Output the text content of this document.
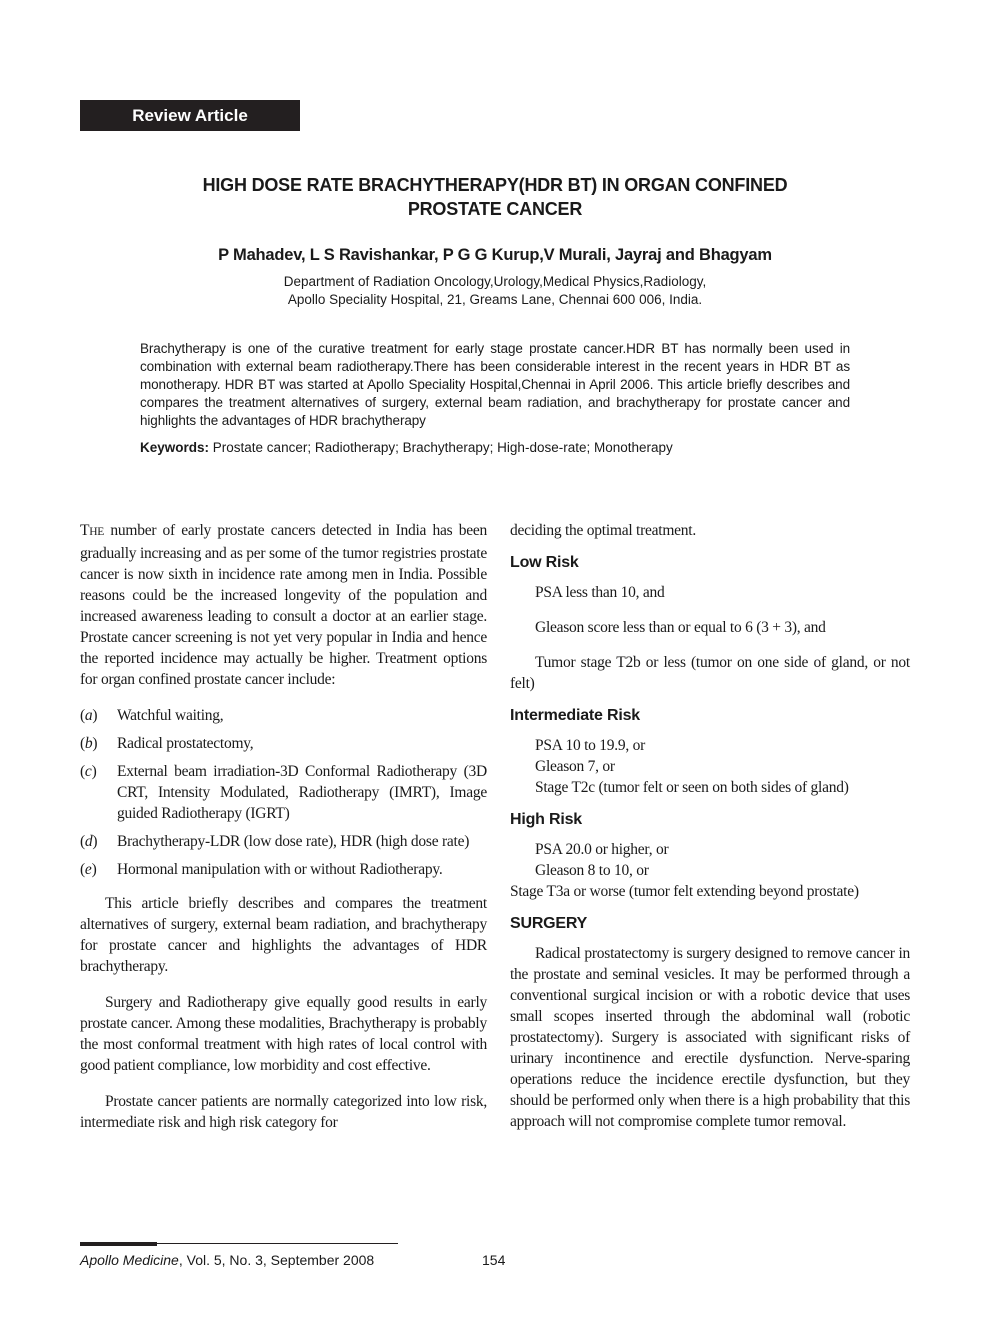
Review Article
HIGH DOSE RATE BRACHYTHERAPY(HDR BT) IN ORGAN CONFINED
PROSTATE CANCER
P Mahadev, L S Ravishankar, P G G Kurup,V Murali, Jayraj and Bhagyam
Department of Radiation Oncology,Urology,Medical Physics,Radiology,
Apollo Speciality Hospital, 21, Greams Lane, Chennai 600 006, India.
Brachytherapy is one of the curative treatment for early stage prostate cancer.HDR BT has normally been used in combination with external beam radiotherapy.There has been considerable interest in the recent years in HDR BT as monotherapy. HDR BT was started at Apollo Speciality Hospital,Chennai in April 2006. This article briefly describes and compares the treatment alternatives of surgery, external beam radiation, and brachytherapy for prostate cancer and highlights the advantages of HDR brachytherapy
Keywords: Prostate cancer; Radiotherapy; Brachytherapy; High-dose-rate; Monotherapy

THE number of early prostate cancers detected in India has been gradually increasing and as per some of the tumor registries prostate cancer is now sixth in incidence rate among men in India. Possible reasons could be the increased longevity of the population and increased awareness leading to consult a doctor at an earlier stage. Prostate cancer screening is not yet very popular in India and hence the reported incidence may actually be higher. Treatment options for organ confined prostate cancer include:

(a) Watchful waiting,
(b) Radical prostatectomy,
(c) External beam irradiation-3D Conformal Radiotherapy (3D CRT, Intensity Modulated, Radiotherapy (IMRT), Image guided Radiotherapy (IGRT)
(d) Brachytherapy-LDR (low dose rate), HDR (high dose rate)
(e) Hormonal manipulation with or without Radiotherapy.

This article briefly describes and compares the treatment alternatives of surgery, external beam radiation, and brachytherapy for prostate cancer and highlights the advantages of HDR brachytherapy.

Surgery and Radiotherapy give equally good results in early prostate cancer. Among these modalities, Brachytherapy is probably the most conformal treatment with high rates of local control with good patient compliance, low morbidity and cost effective.

Prostate cancer patients are normally categorized into low risk, intermediate risk and high risk category for

deciding the optimal treatment.

Low Risk

PSA less than 10, and

Gleason score less than or equal to 6 (3 + 3), and

Tumor stage T2b or less (tumor on one side of gland, or not felt)

Intermediate Risk

PSA 10 to 19.9, or
Gleason 7, or
Stage T2c (tumor felt or seen on both sides of gland)

High Risk

PSA 20.0 or higher, or
Gleason 8 to 10, or
Stage T3a or worse (tumor felt extending beyond prostate)

SURGERY

Radical prostatectomy is surgery designed to remove cancer in the prostate and seminal vesicles. It may be performed through a conventional surgical incision or with a robotic device that uses small scopes inserted through the abdominal wall (robotic prostatectomy). Surgery is associated with significant risks of urinary incontinence and erectile dysfunction. Nerve-sparing operations reduce the incidence erectile dysfunction, but they should be performed only when there is a high probability that this approach will not compromise complete tumor removal.

Apollo Medicine, Vol. 5, No. 3, September 2008	154
